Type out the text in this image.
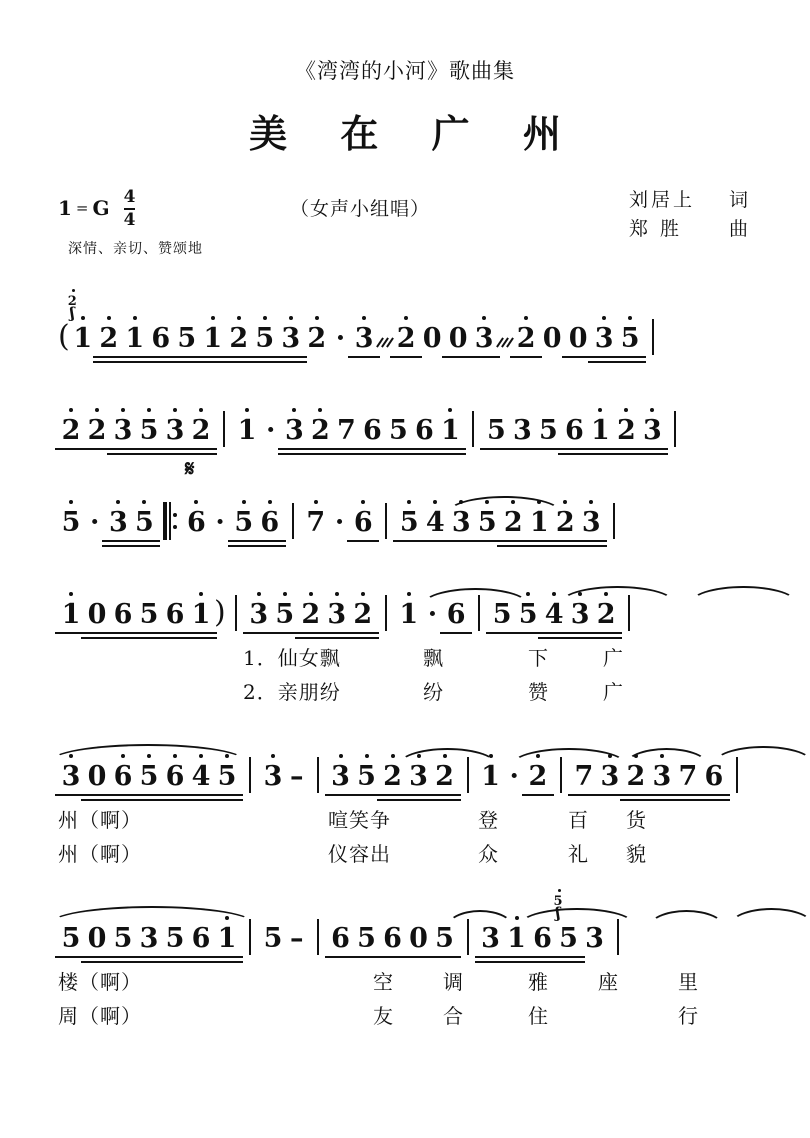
《湾湾的小河》歌曲集
美 在 广 州
1 = G $\frac{4}{4}$
深情、亲切、赞颂地
（女声小组唱）	刘居上	词
郑 胜	曲
( 1
2
ʃ
2 1 6 5 1 2 5 3 2 · 3 2 0 0 3 2 0 0 3 5
2 2 3 5 3 2 1 · 3 2 7 6 5 6 1 5 3 5 6 1 2 3
5 · 3 5 6 · 5 6 7 · 6 5 4 3 5 2 1 2 3
𝄋
1 0 6 5 6 1 ) 3 5 2 3 2 1 · 6 5 5 4 3 2
1．仙女飘	飘	下	广
2．亲朋纷	纷	赞	广
3 0 6 5 6 4 5 3 – 3 5 2 3 2 1 · 2 7 3 2 3 7 6
州（啊）	喧笑争	登	百 货
州（啊）	仪容出	众	礼 貌
5 0 5 3 5 6 1 5 – 6 5 6 0 5 3 1 6 5
5
ʃ
3
楼（啊）	空 调	雅 座	里
周（啊）	友 合	住	行
